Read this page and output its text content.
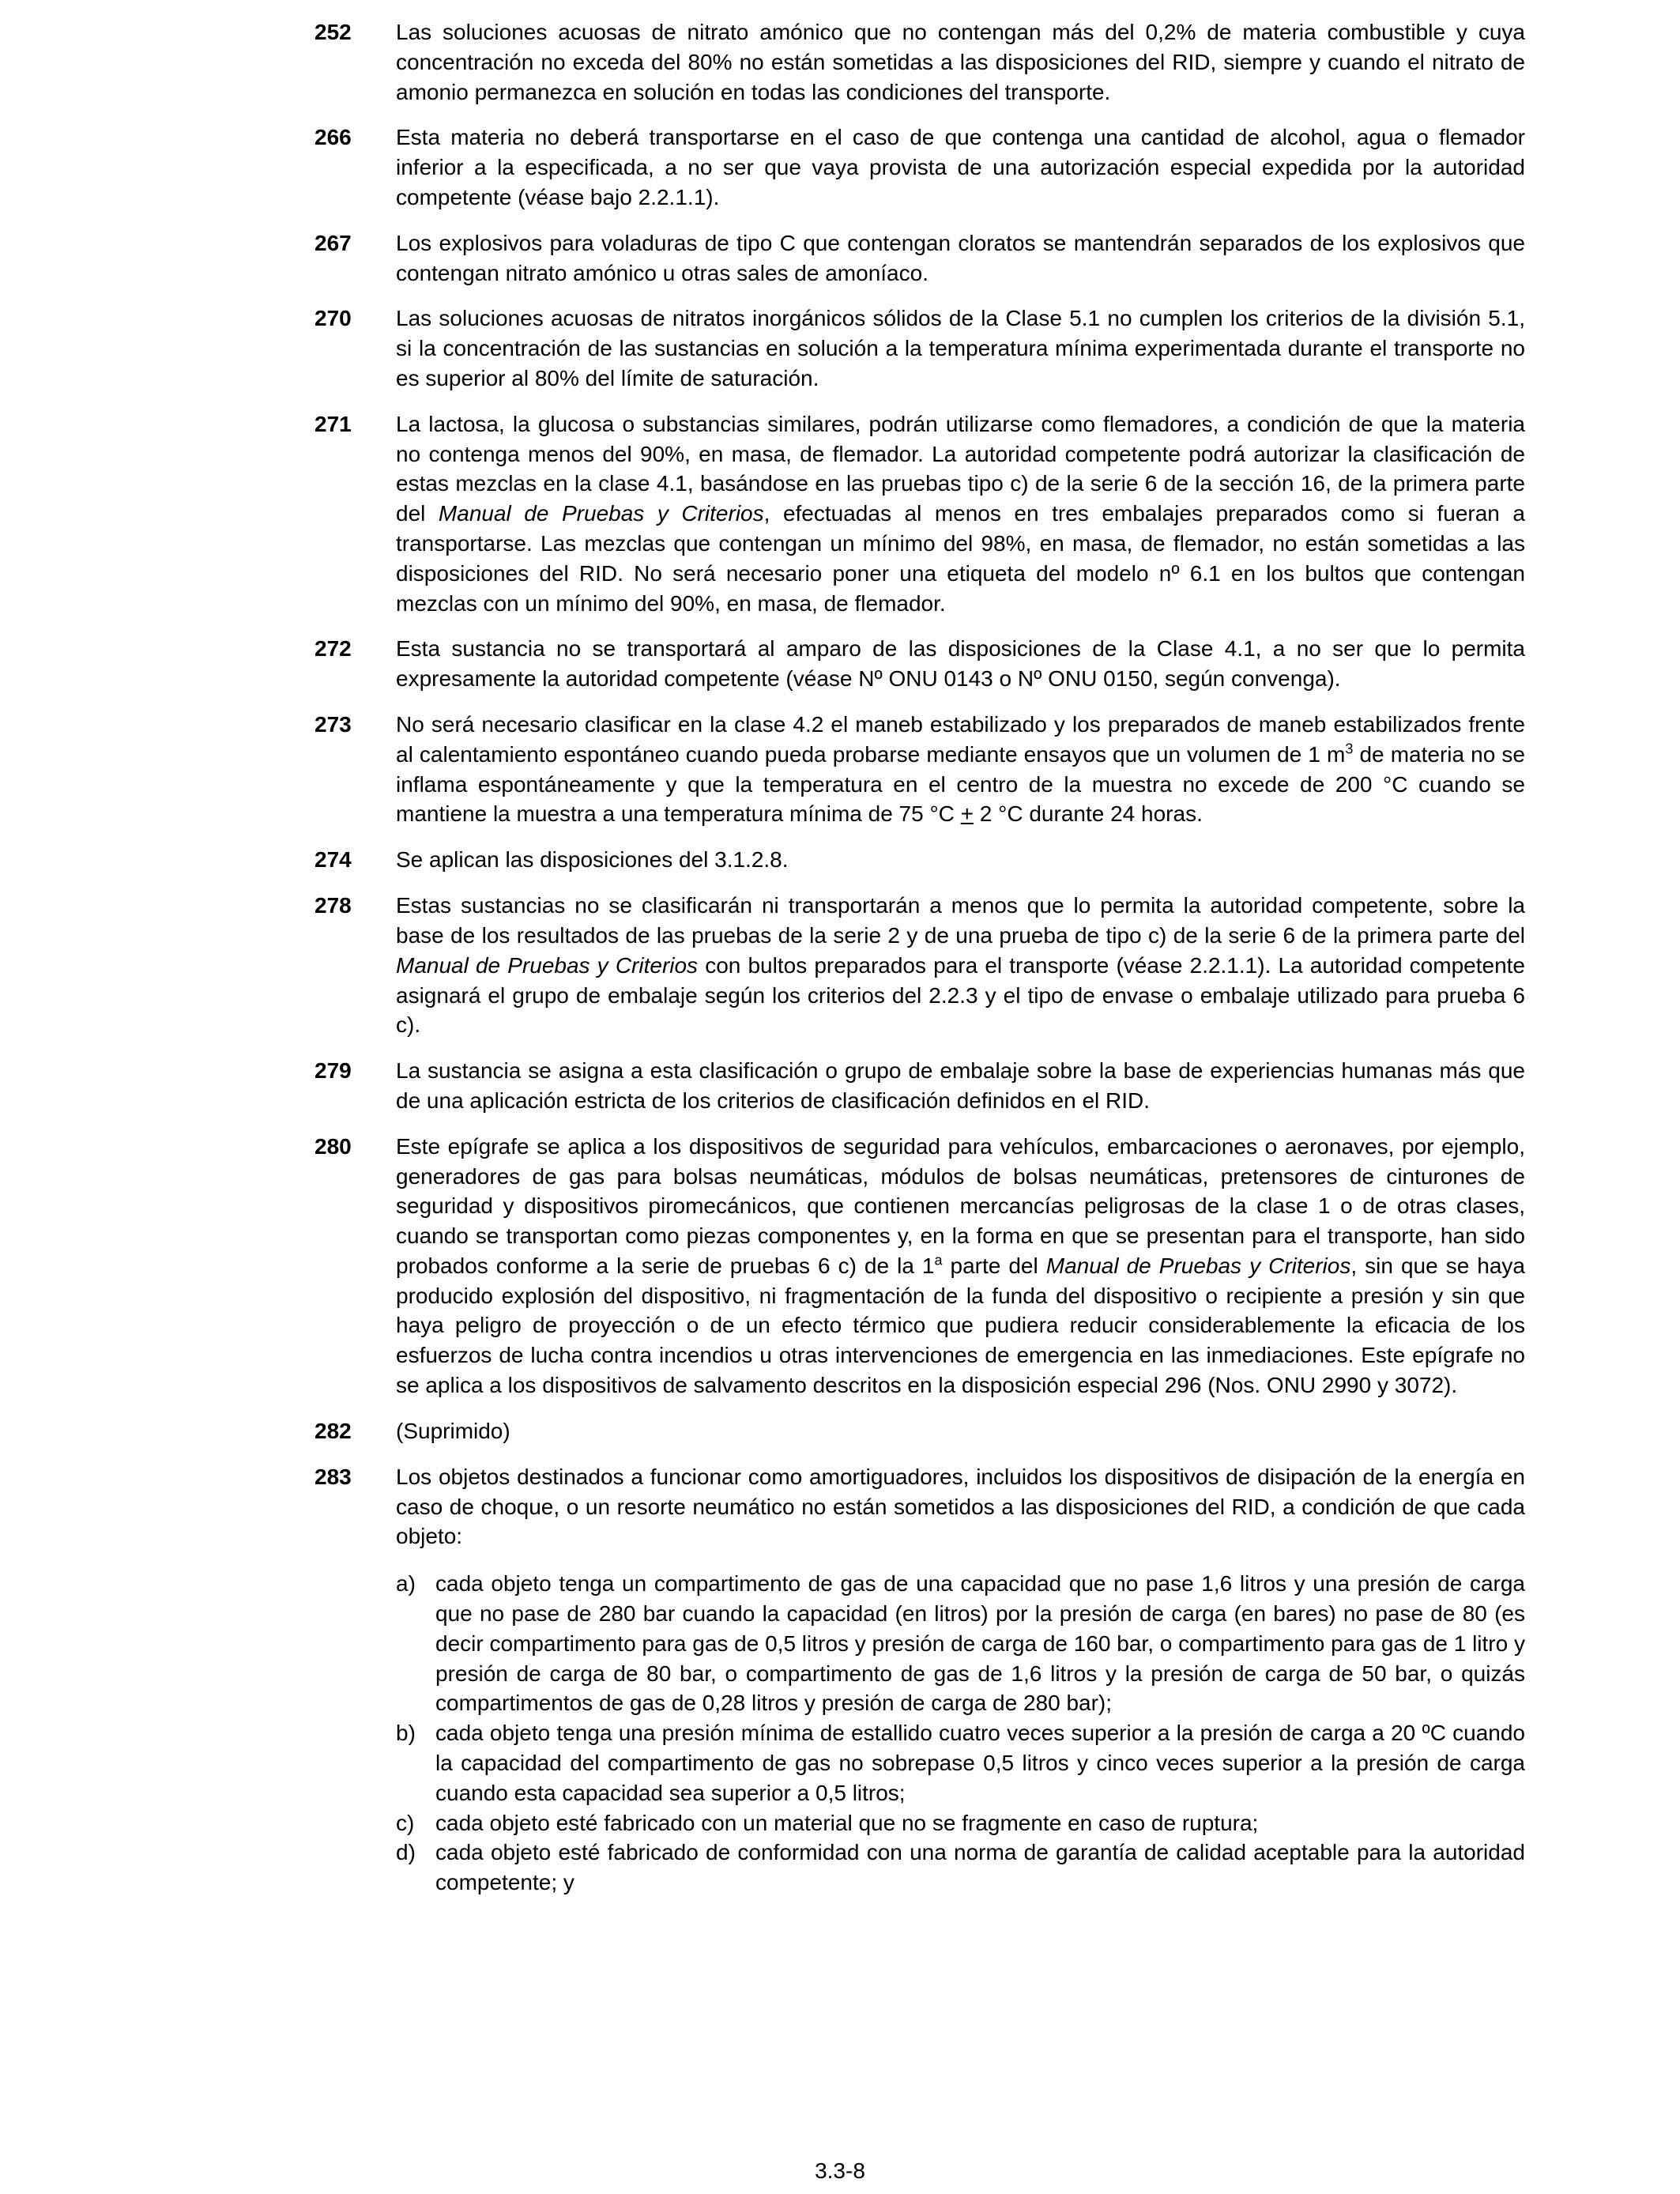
252	Las soluciones acuosas de nitrato amónico que no contengan más del 0,2% de materia combustible y cuya concentración no exceda del 80% no están sometidas a las disposiciones del RID, siempre y cuando el nitrato de amonio permanezca en solución en todas las condiciones del transporte.
266	Esta materia no deberá transportarse en el caso de que contenga una cantidad de alcohol, agua o flemador inferior a la especificada, a no ser que vaya provista de una autorización especial expedida por la autoridad competente (véase bajo 2.2.1.1).
267	Los explosivos para voladuras de tipo C que contengan cloratos se mantendrán separados de los explosivos que contengan nitrato amónico u otras sales de amoníaco.
270	Las soluciones acuosas de nitratos inorgánicos sólidos de la Clase 5.1 no cumplen los criterios de la división 5.1, si la concentración de las sustancias en solución a la temperatura mínima experimentada durante el transporte no es superior al 80% del límite de saturación.
271	La lactosa, la glucosa o substancias similares, podrán utilizarse como flemadores, a condición de que la materia no contenga menos del 90%, en masa, de flemador. La autoridad competente podrá autorizar la clasificación de estas mezclas en la clase 4.1, basándose en las pruebas tipo c) de la serie 6 de la sección 16, de la primera parte del Manual de Pruebas y Criterios, efectuadas al menos en tres embalajes preparados como si fueran a transportarse. Las mezclas que contengan un mínimo del 98%, en masa, de flemador, no están sometidas a las disposiciones del RID. No será necesario poner una etiqueta del modelo nº 6.1 en los bultos que contengan mezclas con un mínimo del 90%, en masa, de flemador.
272	Esta sustancia no se transportará al amparo de las disposiciones de la Clase 4.1, a no ser que lo permita expresamente la autoridad competente (véase Nº ONU 0143 o Nº ONU 0150, según convenga).
273	No será necesario clasificar en la clase 4.2 el maneb estabilizado y los preparados de maneb estabilizados frente al calentamiento espontáneo cuando pueda probarse mediante ensayos que un volumen de 1 $m^3$ de materia no se inflama espontáneamente y que la temperatura en el centro de la muestra no excede de 200 °C cuando se mantiene la muestra a una temperatura mínima de 75 °C + 2 °C durante 24 horas.
274	Se aplican las disposiciones del 3.1.2.8.
278	Estas sustancias no se clasificarán ni transportarán a menos que lo permita la autoridad competente, sobre la base de los resultados de las pruebas de la serie 2 y de una prueba de tipo c) de la serie 6 de la primera parte del Manual de Pruebas y Criterios con bultos preparados para el transporte (véase 2.2.1.1). La autoridad competente asignará el grupo de embalaje según los criterios del 2.2.3 y el tipo de envase o embalaje utilizado para prueba 6 c).
279	La sustancia se asigna a esta clasificación o grupo de embalaje sobre la base de experiencias humanas más que de una aplicación estricta de los criterios de clasificación definidos en el RID.
280	Este epígrafe se aplica a los dispositivos de seguridad para vehículos, embarcaciones o aeronaves, por ejemplo, generadores de gas para bolsas neumáticas, módulos de bolsas neumáticas, pretensores de cinturones de seguridad y dispositivos piromecánicos, que contienen mercancías peligrosas de la clase 1 o de otras clases, cuando se transportan como piezas componentes y, en la forma en que se presentan para el transporte, han sido probados conforme a la serie de pruebas 6 c) de la 1$^a$ parte del Manual de Pruebas y Criterios, sin que se haya producido explosión del dispositivo, ni fragmentación de la funda del dispositivo o recipiente a presión y sin que haya peligro de proyección o de un efecto térmico que pudiera reducir considerablemente la eficacia de los esfuerzos de lucha contra incendios u otras intervenciones de emergencia en las inmediaciones. Este epígrafe no se aplica a los dispositivos de salvamento descritos en la disposición especial 296 (Nos. ONU 2990 y 3072).
282	(Suprimido)
283	Los objetos destinados a funcionar como amortiguadores, incluidos los dispositivos de disipación de la energía en caso de choque, o un resorte neumático no están sometidos a las disposiciones del RID, a condición de que cada objeto:

a) cada objeto tenga un compartimento de gas de una capacidad que no pase 1,6 litros y una presión de carga que no pase de 280 bar cuando la capacidad (en litros) por la presión de carga (en bares) no pase de 80 (es decir compartimento para gas de 0,5 litros y presión de carga de 160 bar, o compartimento para gas de 1 litro y presión de carga de 80 bar, o compartimento de gas de 1,6 litros y la presión de carga de 50 bar, o quizás compartimentos de gas de 0,28 litros y presión de carga de 280 bar);
b) cada objeto tenga una presión mínima de estallido cuatro veces superior a la presión de carga a 20 ºC cuando la capacidad del compartimento de gas no sobrepase 0,5 litros y cinco veces superior a la presión de carga cuando esta capacidad sea superior a 0,5 litros;
c) cada objeto esté fabricado con un material que no se fragmente en caso de ruptura;
d) cada objeto esté fabricado de conformidad con una norma de garantía de calidad aceptable para la autoridad competente; y
3.3-8
